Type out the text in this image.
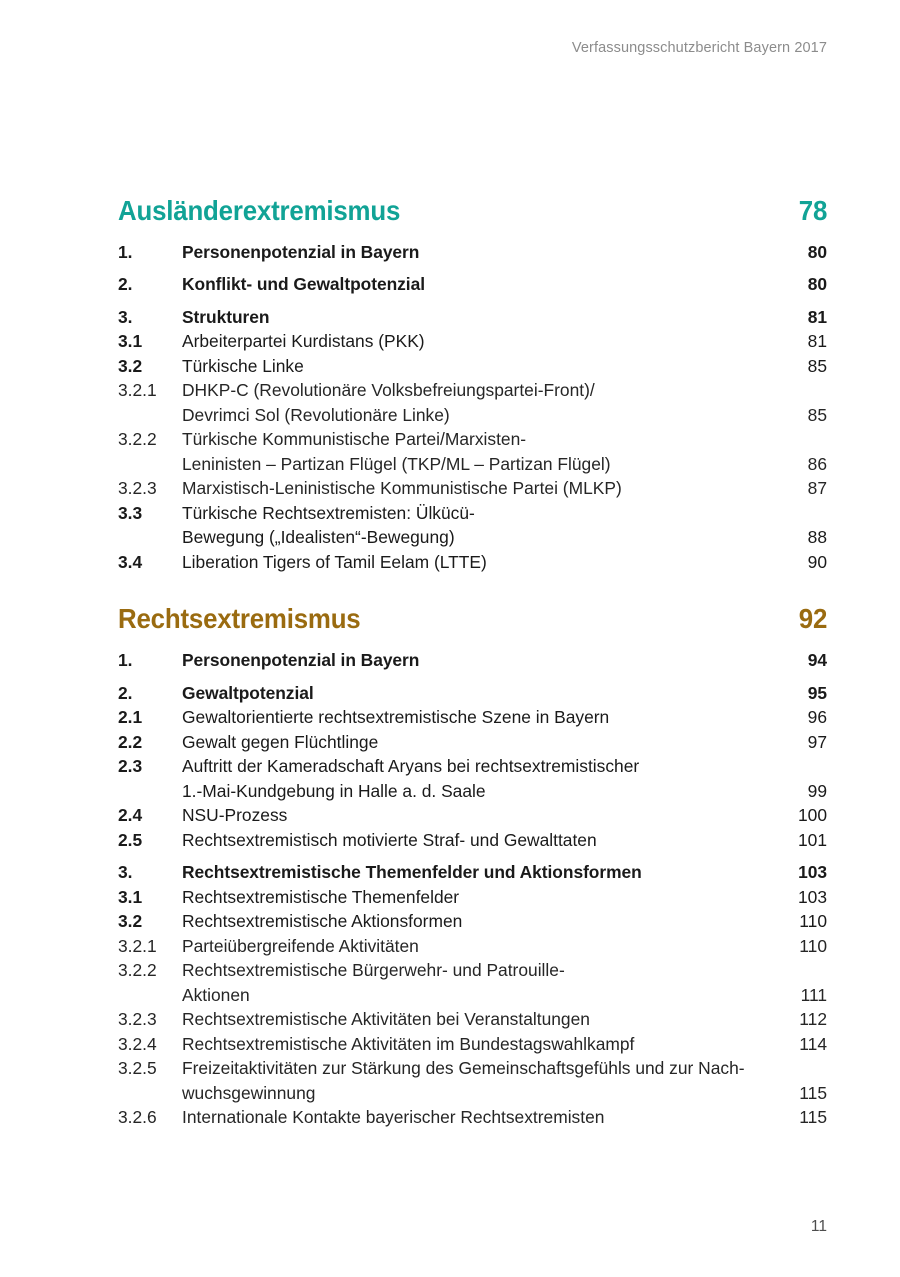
Verfassungsschutzbericht Bayern 2017
Ausländerextremismus	78
1.	Personenpotenzial in Bayern	80
2.	Konflikt- und Gewaltpotenzial	80
3.	Strukturen	81
3.1	Arbeiterpartei Kurdistans (PKK)	81
3.2	Türkische Linke	85
3.2.1	DHKP-C (Revolutionäre Volksbefreiungspartei-Front)/
Devrimci Sol (Revolutionäre Linke)	85
3.2.2	Türkische Kommunistische Partei/Marxisten-
Leninisten – Partizan Flügel (TKP/ML – Partizan Flügel)	86
3.2.3	Marxistisch-Leninistische Kommunistische Partei (MLKP)	87
3.3	Türkische Rechtsextremisten: Ülkücü-
Bewegung („Idealisten“-Bewegung)	88
3.4	Liberation Tigers of Tamil Eelam (LTTE)	90
Rechtsextremismus	92
1.	Personenpotenzial in Bayern	94
2.	Gewaltpotenzial	95
2.1	Gewaltorientierte rechtsextremistische Szene in Bayern	96
2.2	Gewalt gegen Flüchtlinge	97
2.3	Auftritt der Kameradschaft Aryans bei rechtsextremistischer
1.-Mai-Kundgebung in Halle a. d. Saale	99
2.4	NSU-Prozess	100
2.5	Rechtsextremistisch motivierte Straf- und Gewalttaten	101
3.	Rechtsextremistische Themenfelder und Aktionsformen	103
3.1	Rechtsextremistische Themenfelder	103
3.2	Rechtsextremistische Aktionsformen	110
3.2.1	Parteiübergreifende Aktivitäten	110
3.2.2	Rechtsextremistische Bürgerwehr- und Patrouille-
Aktionen	111
3.2.3	Rechtsextremistische Aktivitäten bei Veranstaltungen	112
3.2.4	Rechtsextremistische Aktivitäten im Bundestagswahlkampf	114
3.2.5	Freizeitaktivitäten zur Stärkung des Gemeinschaftsgefühls und zur Nach-
wuchsgewinnung	115
3.2.6	Internationale Kontakte bayerischer Rechtsextremisten	115
11
